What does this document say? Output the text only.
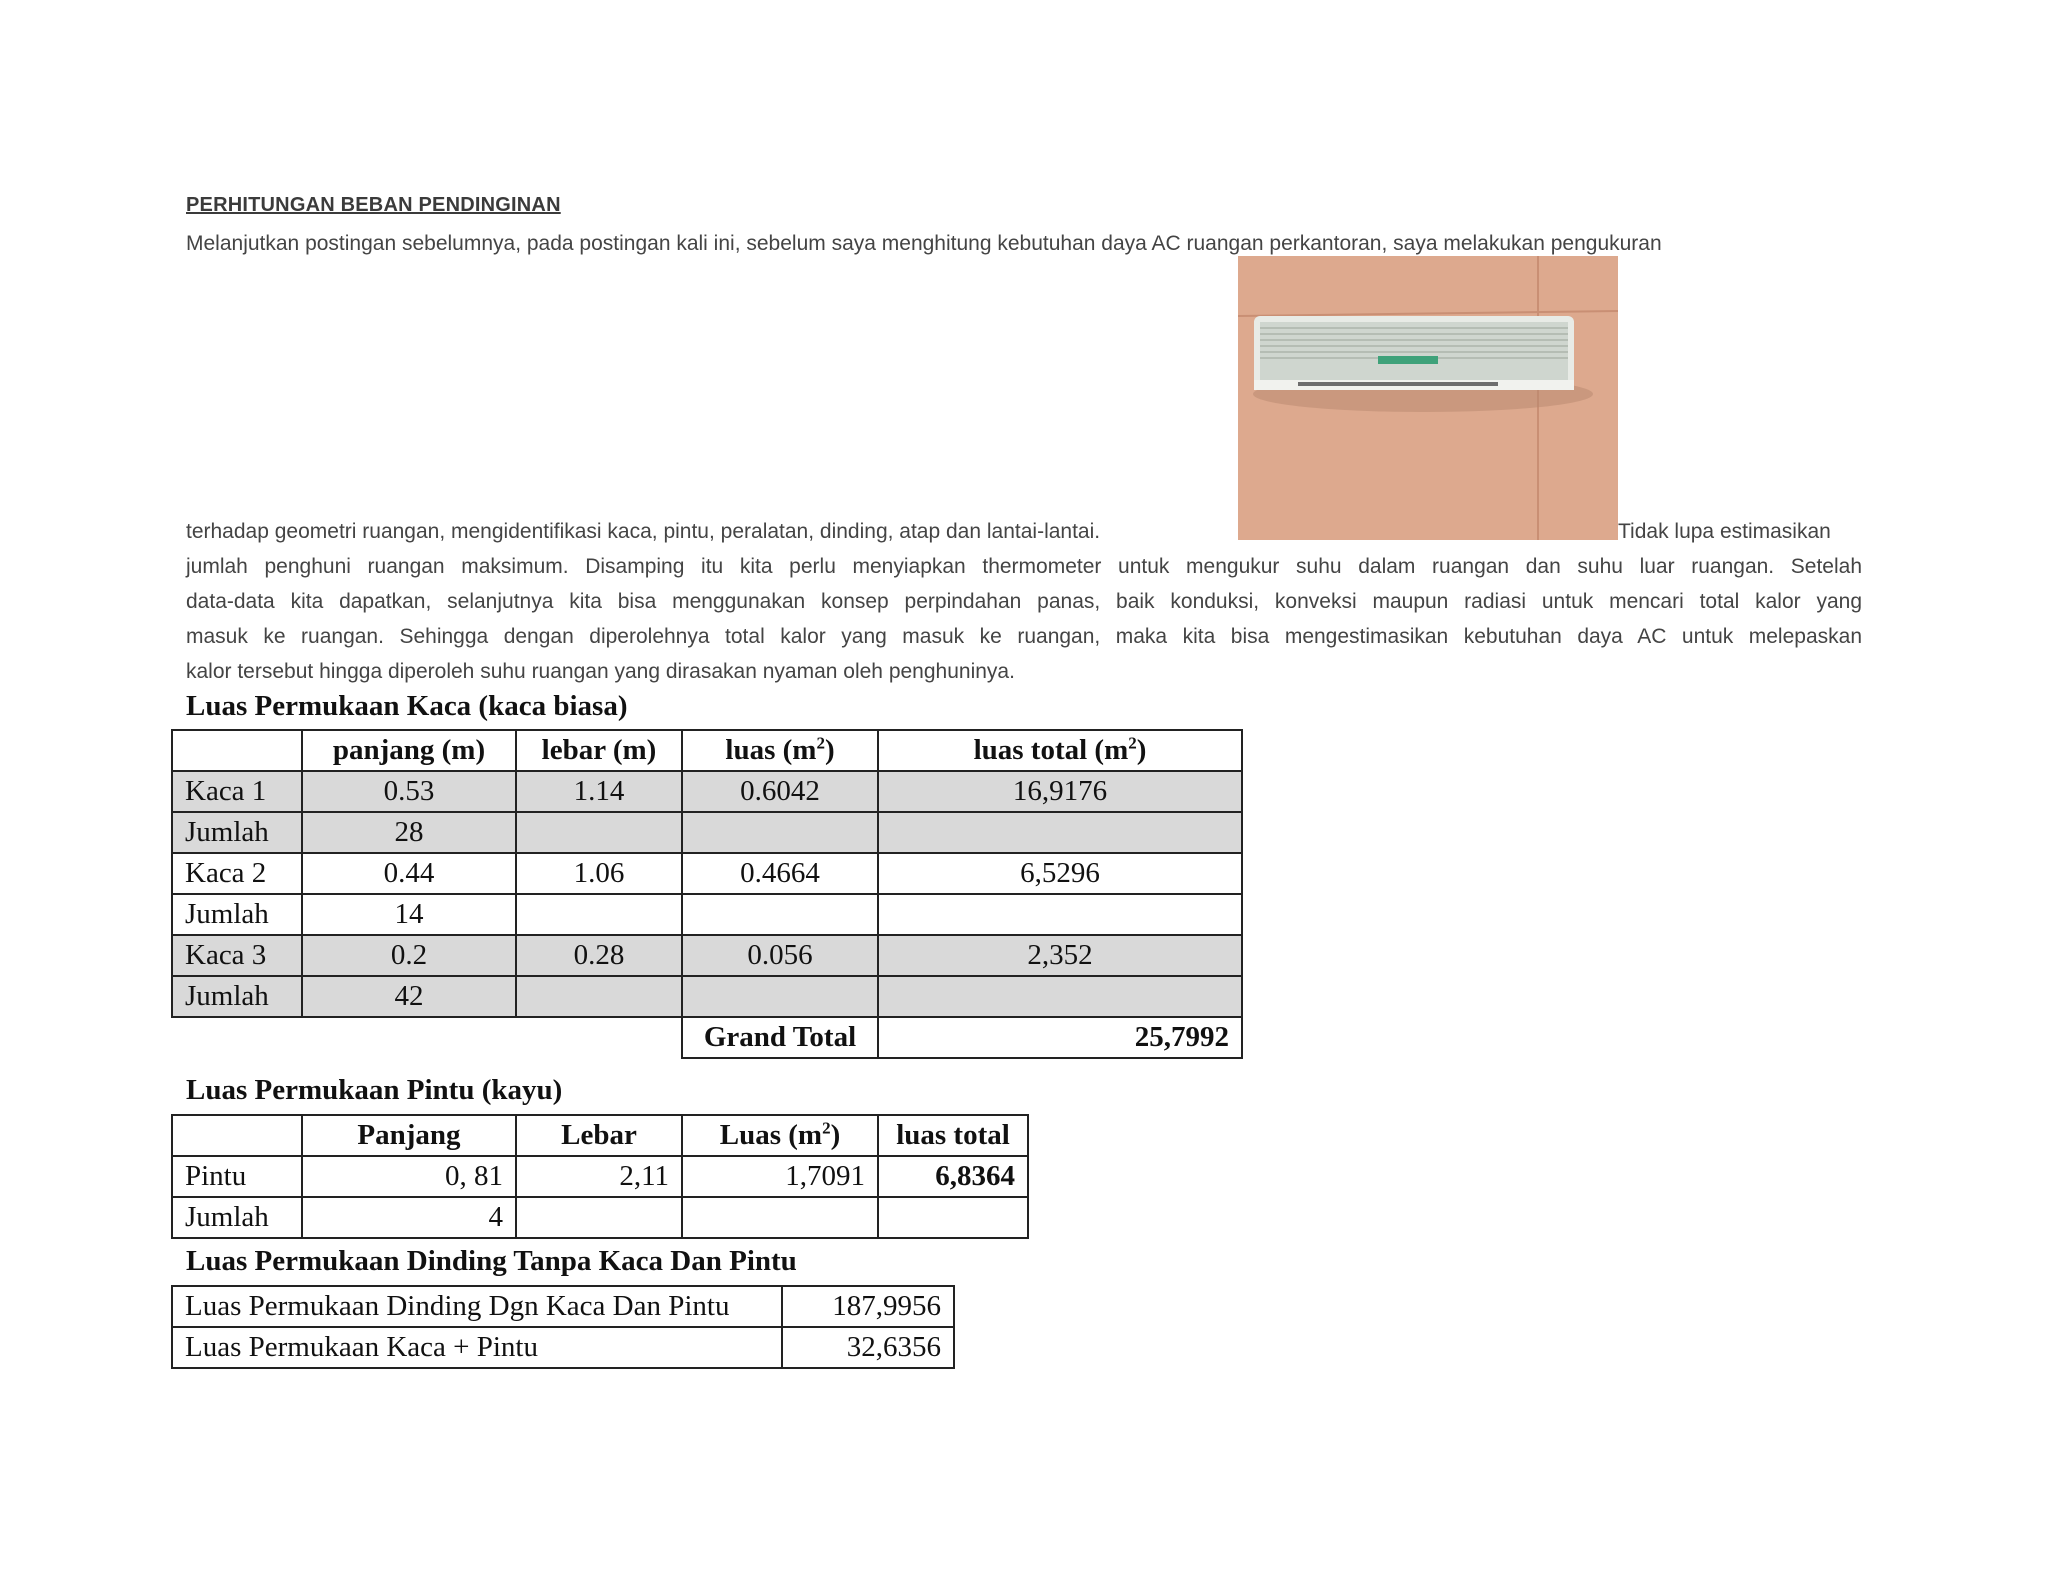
PERHITUNGAN BEBAN PENDINGINAN
Melanjutkan postingan sebelumnya, pada postingan kali ini, sebelum saya menghitung kebutuhan daya AC ruangan perkantoran, saya melakukan pengukuran
terhadap geometri ruangan, mengidentifikasi kaca, pintu, peralatan, dinding, atap dan lantai-lantai.	Tidak lupa estimasikan
jumlah penghuni ruangan maksimum. Disamping itu kita perlu menyiapkan thermometer untuk mengukur suhu dalam ruangan dan suhu luar ruangan. Setelah
data-data kita dapatkan, selanjutnya kita bisa menggunakan konsep perpindahan panas, baik konduksi, konveksi maupun radiasi untuk mencari total kalor yang
masuk ke ruangan. Sehingga dengan diperolehnya total kalor yang masuk ke ruangan, maka kita bisa mengestimasikan kebutuhan daya AC untuk melepaskan
kalor tersebut hingga diperoleh suhu ruangan yang dirasakan nyaman oleh penghuninya.
Luas Permukaan Kaca (kaca biasa)
	panjang (m)	lebar (m)	luas $(m^2)$	luas total $(m^2)$
Kaca 1	0.53	1.14	0.6042	16,9176
Jumlah	28			
Kaca 2	0.44	1.06	0.4664	6,5296
Jumlah	14			
Kaca 3	0.2	0.28	0.056	2,352
Jumlah	42			
			Grand Total	25,7992
Luas Permukaan Pintu (kayu)
	Panjang	Lebar	Luas $(m^2)$	luas total
Pintu	0, 81	2,11	1,7091	6,8364
Jumlah	4			
Luas Permukaan Dinding Tanpa Kaca Dan Pintu
Luas Permukaan Dinding Dgn Kaca Dan Pintu	187,9956
Luas Permukaan Kaca + Pintu	32,6356
